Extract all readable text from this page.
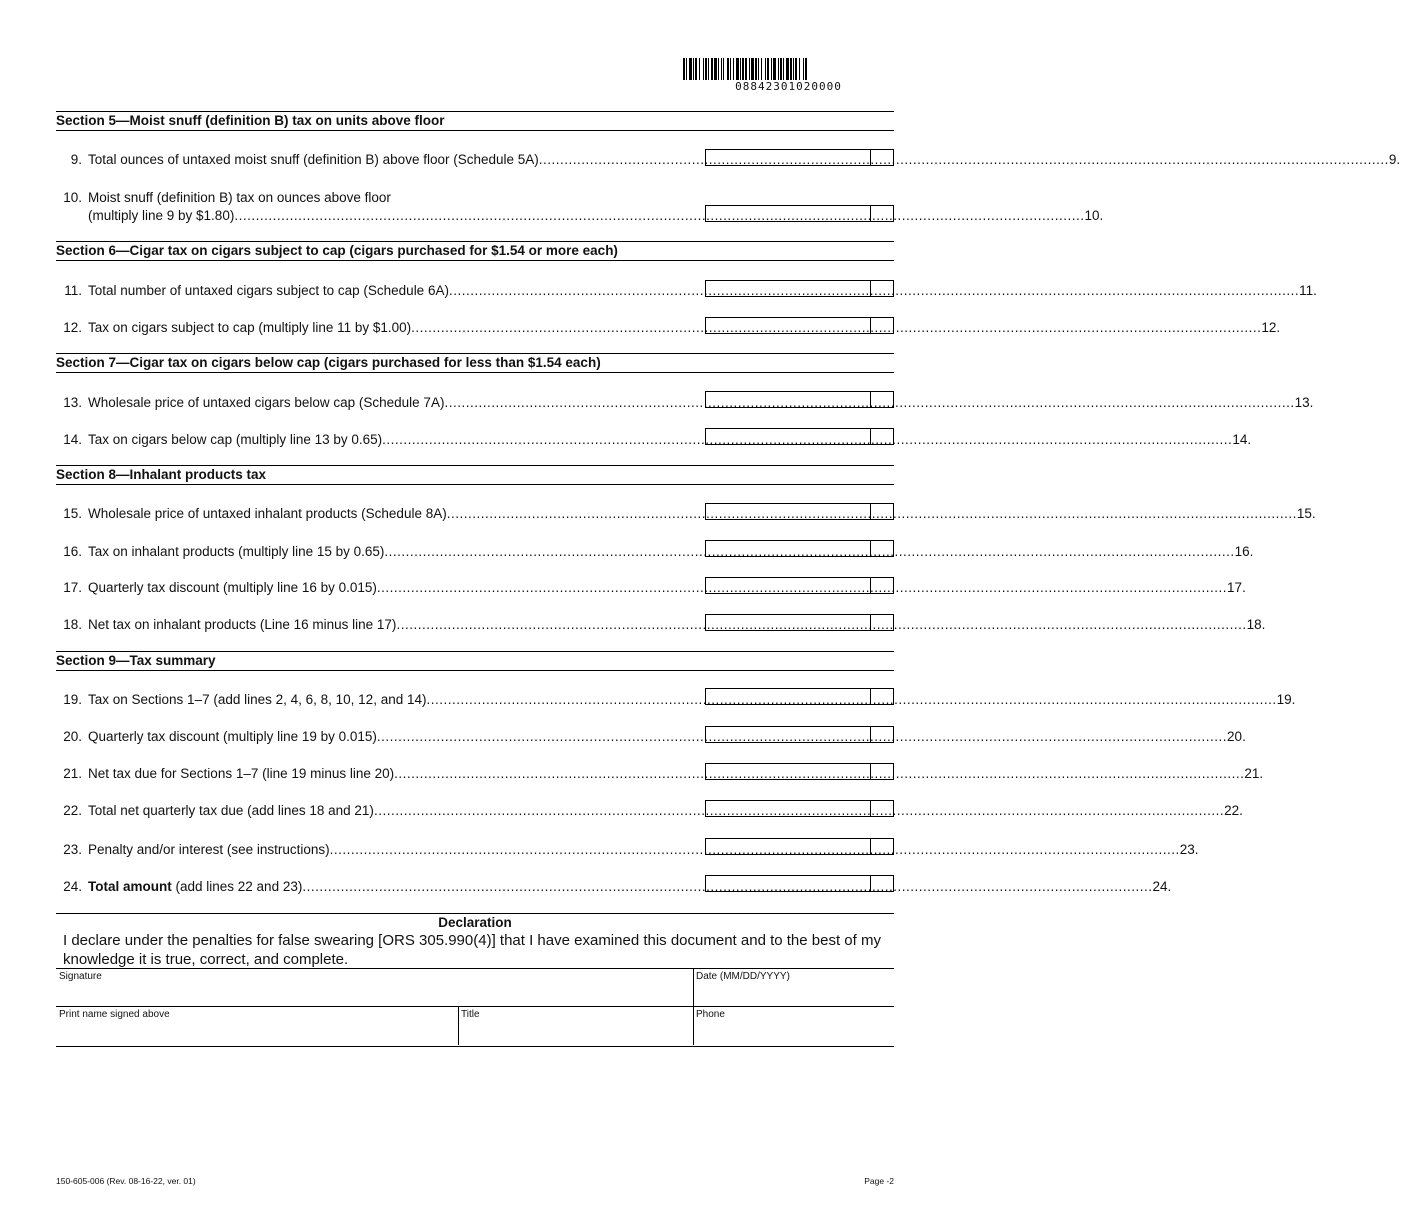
08842301020000
Section 5—Moist snuff (definition B) tax on units above floor
Section 6—Cigar tax on cigars subject to cap (cigars purchased for $1.54 or more each)
Section 7—Cigar tax on cigars below cap (cigars purchased for less than $1.54 each)
Section 8—Inhalant products tax
Section 9—Tax summary
9. Total ounces of untaxed moist snuff (definition B) above floor (Schedule 5A) ........................................................................................................................................................................................................ 9.
10. Moist snuff (definition B) tax on ounces above floor
(multiply line 9 by $1.80) ........................................................................................................................................................................................................ 10.
11. Total number of untaxed cigars subject to cap (Schedule 6A) ........................................................................................................................................................................................................ 11.
12. Tax on cigars subject to cap (multiply line 11 by $1.00) ........................................................................................................................................................................................................ 12.
13. Wholesale price of untaxed cigars below cap (Schedule 7A) ........................................................................................................................................................................................................ 13.
14. Tax on cigars below cap (multiply line 13 by 0.65) ........................................................................................................................................................................................................ 14.
15. Wholesale price of untaxed inhalant products (Schedule 8A) ........................................................................................................................................................................................................ 15.
16. Tax on inhalant products (multiply line 15 by 0.65) ........................................................................................................................................................................................................ 16.
17. Quarterly tax discount (multiply line 16 by 0.015) ........................................................................................................................................................................................................ 17.
18. Net tax on inhalant products (Line 16 minus line 17) ........................................................................................................................................................................................................ 18.
19. Tax on Sections 1–7 (add lines 2, 4, 6, 8, 10, 12, and 14) ........................................................................................................................................................................................................ 19.
20. Quarterly tax discount (multiply line 19 by 0.015) ........................................................................................................................................................................................................ 20.
21. Net tax due for Sections 1–7 (line 19 minus line 20) ........................................................................................................................................................................................................ 21.
22. Total net quarterly tax due (add lines 18 and 21) ........................................................................................................................................................................................................ 22.
23. Penalty and/or interest (see instructions) ........................................................................................................................................................................................................ 23.
24. Total amount (add lines 22 and 23) ........................................................................................................................................................................................................ 24.
Declaration
I declare under the penalties for false swearing [ORS 305.990(4)] that I have examined this document and to the best of my knowledge it is true, correct, and complete.
Signature	Date (MM/DD/YYYY)
Print name signed above	Title	Phone
150-605-006 (Rev. 08-16-22, ver. 01)	Page -2
